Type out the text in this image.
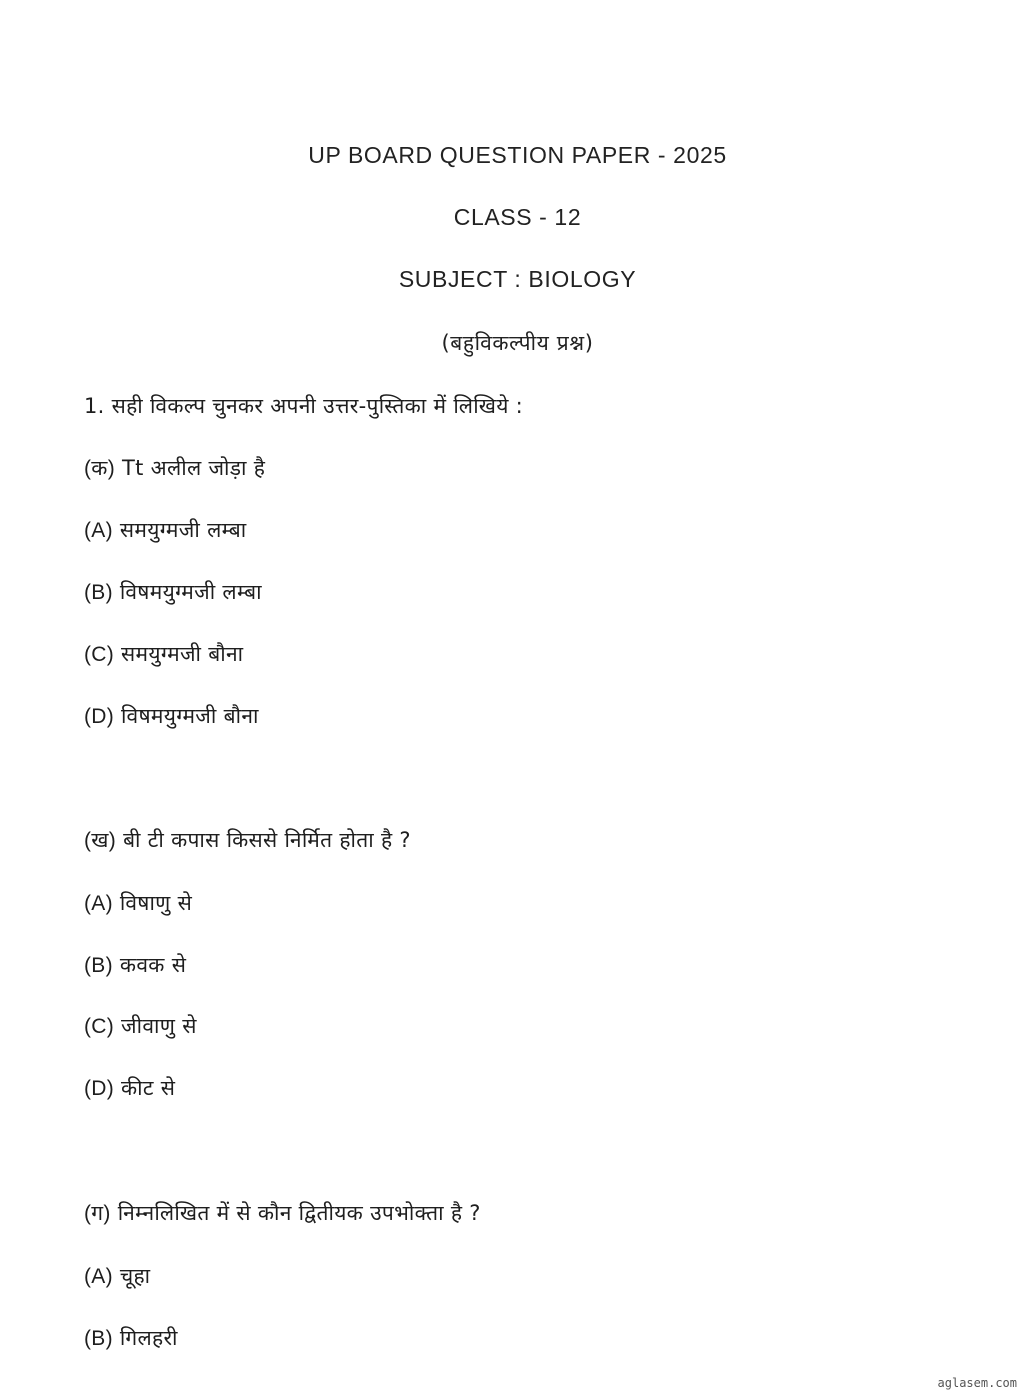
UP BOARD QUESTION PAPER - 2025
CLASS - 12
SUBJECT : BIOLOGY
(बहुविकल्पीय प्रश्न)
1. सही विकल्प चुनकर अपनी उत्तर-पुस्तिका में लिखिये :
(क) Tt अलील जोड़ा है
(A) समयुग्मजी लम्बा
(B) विषमयुग्मजी लम्बा
(C) समयुग्मजी बौना
(D) विषमयुग्मजी बौना
(ख) बी टी कपास किससे निर्मित होता है ?
(A) विषाणु से
(B) कवक से
(C) जीवाणु से
(D) कीट से
(ग) निम्नलिखित में से कौन द्वितीयक उपभोक्ता है ?
(A) चूहा
(B) गिलहरी
aglasem.com
